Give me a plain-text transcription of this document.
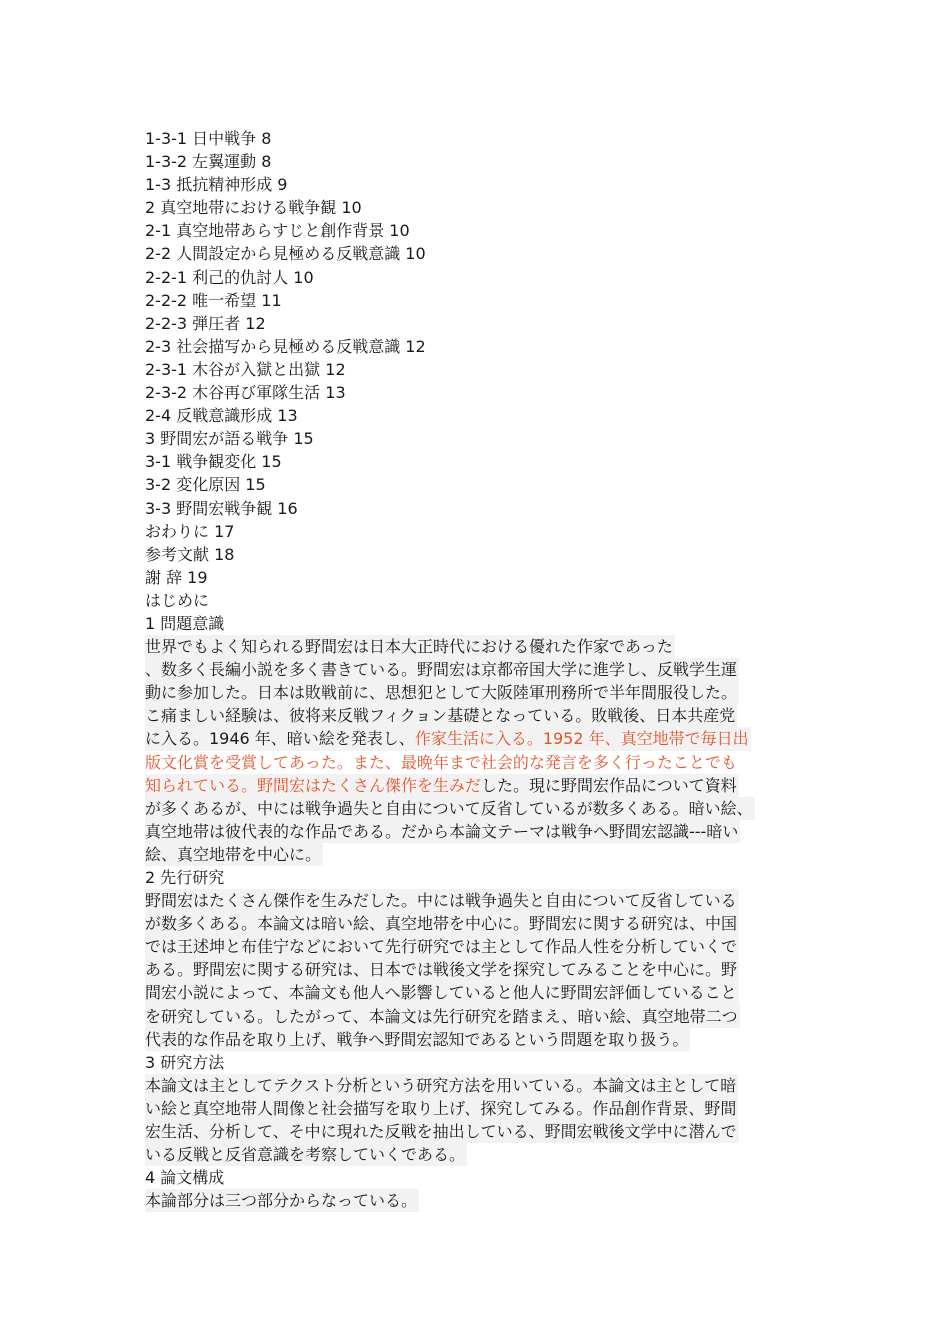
1-3-1 日中戦争 8
1-3-2 左翼運動 8
1-3 抵抗精神形成 9
2 真空地帯における戦争観 10
2-1 真空地帯あらすじと創作背景 10
2-2 人間設定から見極める反戦意識 10
2-2-1 利己的仇討人 10
2-2-2 唯一希望 11
2-2-3 弾圧者 12
2-3 社会描写から見極める反戦意識 12
2-3-1 木谷が入獄と出獄 12
2-3-2 木谷再び軍隊生活 13
2-4 反戦意識形成 13
3 野間宏が語る戦争 15
3-1 戦争観変化 15
3-2 変化原因 15
3-3 野間宏戦争観 16
おわりに 17
参考文献 18
謝 辞 19
はじめに
1 問題意識
世界でもよく知られる野間宏は日本大正時代における優れた作家であった
、数多く長編小説を多く書きている。野間宏は京都帝国大学に進学し、反戦学生運
動に参加した。日本は敗戦前に、思想犯として大阪陸軍刑務所で半年間服役した。
こ痛ましい経験は、彼将来反戦フィクョン基礎となっている。敗戦後、日本共産党
に入る。1946 年、暗い絵を発表し、作家生活に入る。1952 年、真空地帯で毎日出
版文化賞を受賞してあった。また、最晩年まで社会的な発言を多く行ったことでも
知られている。野間宏はたくさん傑作を生みだした。現に野間宏作品について資料
が多くあるが、中には戦争過失と自由について反省しているが数多くある。暗い絵、
真空地帯は彼代表的な作品である。だから本論文テーマは戦争へ野間宏認識---暗い
絵、真空地帯を中心に。
2 先行研究
野間宏はたくさん傑作を生みだした。中には戦争過失と自由について反省している
が数多くある。本論文は暗い絵、真空地帯を中心に。野間宏に関する研究は、中国
では王述坤と布佳宁などにおいて先行研究では主として作品人性を分析していくで
ある。野間宏に関する研究は、日本では戦後文学を探究してみることを中心に。野
間宏小説によって、本論文も他人へ影響していると他人に野間宏評価していること
を研究している。したがって、本論文は先行研究を踏まえ、暗い絵、真空地帯二つ
代表的な作品を取り上げ、戦争へ野間宏認知であるという問題を取り扱う。
3 研究方法
本論文は主としてテクスト分析という研究方法を用いている。本論文は主として暗
い絵と真空地帯人間像と社会描写を取り上げ、探究してみる。作品創作背景、野間
宏生活、分析して、そ中に現れた反戦を抽出している、野間宏戦後文学中に潜んで
いる反戦と反省意識を考察していくである。
4 論文構成
本論部分は三つ部分からなっている。
